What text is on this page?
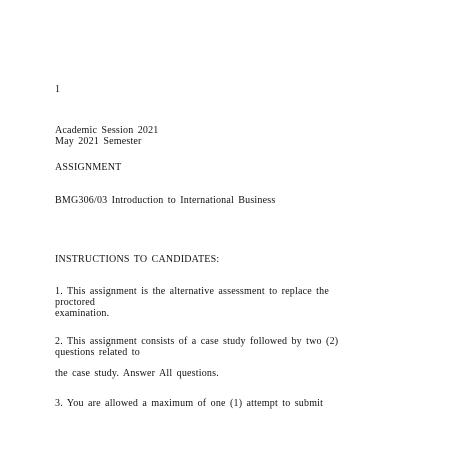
1
Academic Session 2021
May 2021 Semester
ASSIGNMENT
BMG306/03 Introduction to International Business
INSTRUCTIONS TO CANDIDATES:
1. This assignment is the alternative assessment to replace the
proctored
examination.
2. This assignment consists of a case study followed by two (2)
questions related to
the case study. Answer All questions.
3. You are allowed a maximum of one (1) attempt to submit
